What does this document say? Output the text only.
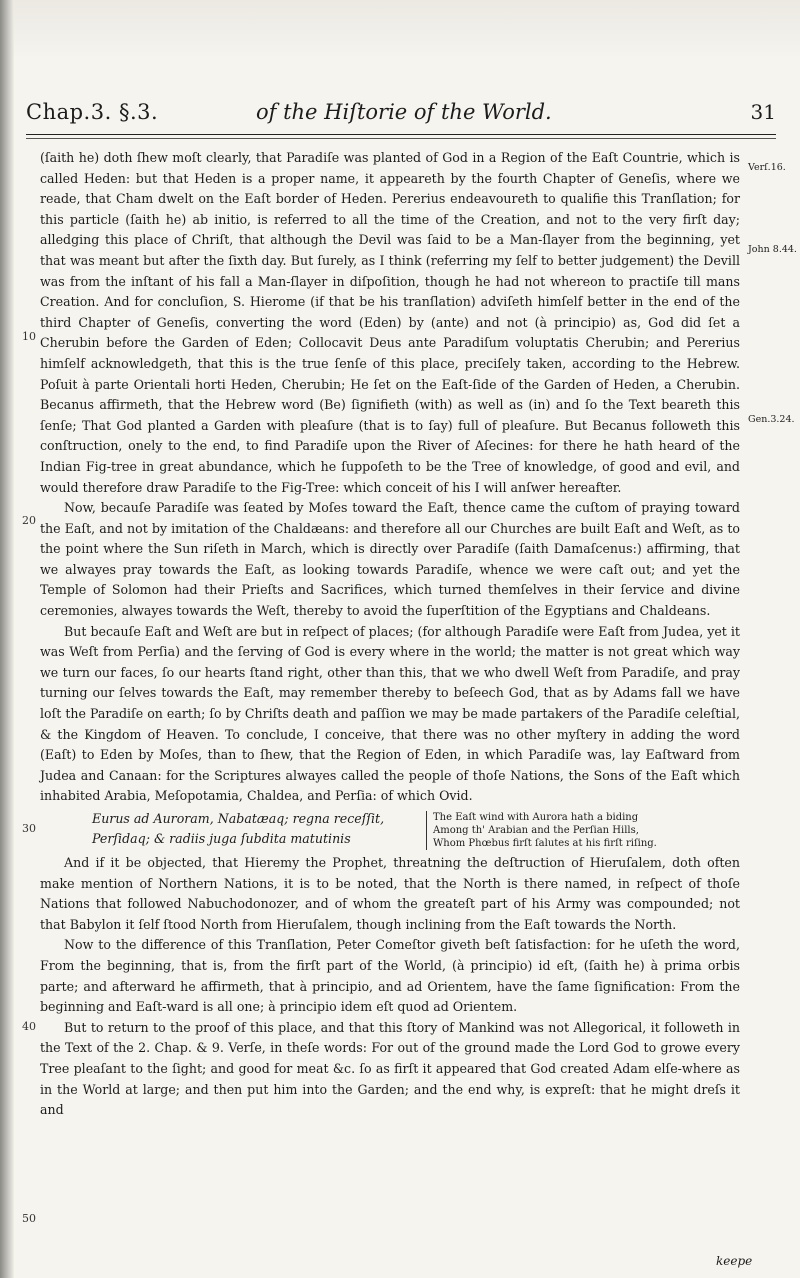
Chap.3. §.3.	of the Hiſtorie of the World.	31
Verſ.16.
John 8.44.
Gen.3.24.
10
20
30
40
50

(ſaith he) doth ſhew moſt clearly, that Paradiſe was planted of God in a Region of the Eaſt Countrie, which is called Heden: but that Heden is a proper name, it appeareth by the fourth Chapter of Geneſis, where we reade, that Cham dwelt on the Eaſt border of Heden. Pererius endeavoureth to qualifie this Tranſlation; for this particle (ſaith he) ab initio, is referred to all the time of the Creation, and not to the very firſt day; alledging this place of Chriſt, that although the Devil was ſaid to be a Man-ſlayer from the beginning, yet that was meant but after the ſixth day. But ſurely, as I think (referring my ſelf to better judgement) the Devill was from the inſtant of his fall a Man-ſlayer in diſpoſition, though he had not whereon to practiſe till mans Creation. And for concluſion, S. Hierome (if that be his tranſlation) adviſeth himſelf better in the end of the third Chapter of Geneſis, converting the word (Eden) by (ante) and not (à principio) as, God did ſet a Cherubin before the Garden of Eden; Collocavit Deus ante Paradiſum voluptatis Cherubin; and Pererius himſelf acknowledgeth, that this is the true ſenſe of this place, preciſely taken, according to the Hebrew. Poſuit à parte Orientali horti Heden, Cherubin; He ſet on the Eaſt-ſide of the Garden of Heden, a Cherubin. Becanus affirmeth, that the Hebrew word (Be) ſignifieth (with) as well as (in) and ſo the Text beareth this ſenſe; That God planted a Garden with pleaſure (that is to ſay) full of pleaſure. But Becanus followeth this conſtruction, onely to the end, to find Paradiſe upon the River of Aſecines: for there he hath heard of the Indian Fig-tree in great abundance, which he ſuppoſeth to be the Tree of knowledge, of good and evil, and would therefore draw Paradiſe to the Fig-Tree: which conceit of his I will anſwer hereafter.

Now, becauſe Paradiſe was ſeated by Moſes toward the Eaſt, thence came the cuſtom of praying toward the Eaſt, and not by imitation of the Chaldæans: and therefore all our Churches are built Eaſt and Weſt, as to the point where the Sun riſeth in March, which is directly over Paradiſe (ſaith Damaſcenus:) affirming, that we alwayes pray towards the Eaſt, as looking towards Paradiſe, whence we were caſt out; and yet the Temple of Solomon had their Prieſts and Sacrifices, which turned themſelves in their ſervice and divine ceremonies, alwayes towards the Weſt, thereby to avoid the ſuperſtition of the Egyptians and Chaldeans.

But becauſe Eaſt and Weſt are but in reſpect of places; (for although Paradiſe were Eaſt from Judea, yet it was Weſt from Perſia) and the ſerving of God is every where in the world; the matter is not great which way we turn our faces, ſo our hearts ſtand right, other than this, that we who dwell Weſt from Paradiſe, and pray turning our ſelves towards the Eaſt, may remember thereby to beſeech God, that as by Adams fall we have loſt the Paradiſe on earth; ſo by Chriſts death and paſſion we may be made partakers of the Paradiſe celeſtial, & the Kingdom of Heaven. To conclude, I conceive, that there was no other myſtery in adding the word (Eaſt) to Eden by Moſes, than to ſhew, that the Region of Eden, in which Paradiſe was, lay Eaſtward from Judea and Canaan: for the Scriptures alwayes called the people of thoſe Nations, the Sons of the Eaſt which inhabited Arabia, Meſopotamia, Chaldea, and Perſia: of which Ovid.

And if it be objected, that Hieremy the Prophet, threatning the deſtruction of Hieruſalem, doth often make mention of Northern Nations, it is to be noted, that the North is there named, in reſpect of thoſe Nations that followed Nabuchodonozer, and of whom the greateſt part of his Army was compounded; not that Babylon it ſelf ſtood North from Hieruſalem, though inclining from the Eaſt towards the North.

Now to the difference of this Tranſlation, Peter Comeſtor giveth beſt ſatisfaction: for he uſeth the word, From the beginning, that is, from the firſt part of the World, (à principio) id eſt, (ſaith he) à prima orbis parte; and afterward he affirmeth, that à principio, and ad Orientem, have the ſame ſignification: From the beginning and Eaſt-ward is all one; à principio idem eſt quod ad Orientem.

But to return to the proof of this place, and that this ſtory of Mankind was not Allegorical, it followeth in the Text of the 2. Chap. & 9. Verſe, in theſe words: For out of the ground made the Lord God to growe every Tree pleaſant to the ſight; and good for meat &c. ſo as firſt it appeared that God created Adam elſe-where as in the World at large; and then put him into the Garden; and the end why, is expreſt: that he might dreſs it and

Eurus ad Auroram, Nabatæaq; regna receſſit,
Perſidaq; & radiis juga ſubdita matutinis
The Eaſt wind with Aurora hath a biding
Among th' Arabian and the Perſian Hills,
Whom Phœbus firſt ſalutes at his firſt riſing.
keepe
